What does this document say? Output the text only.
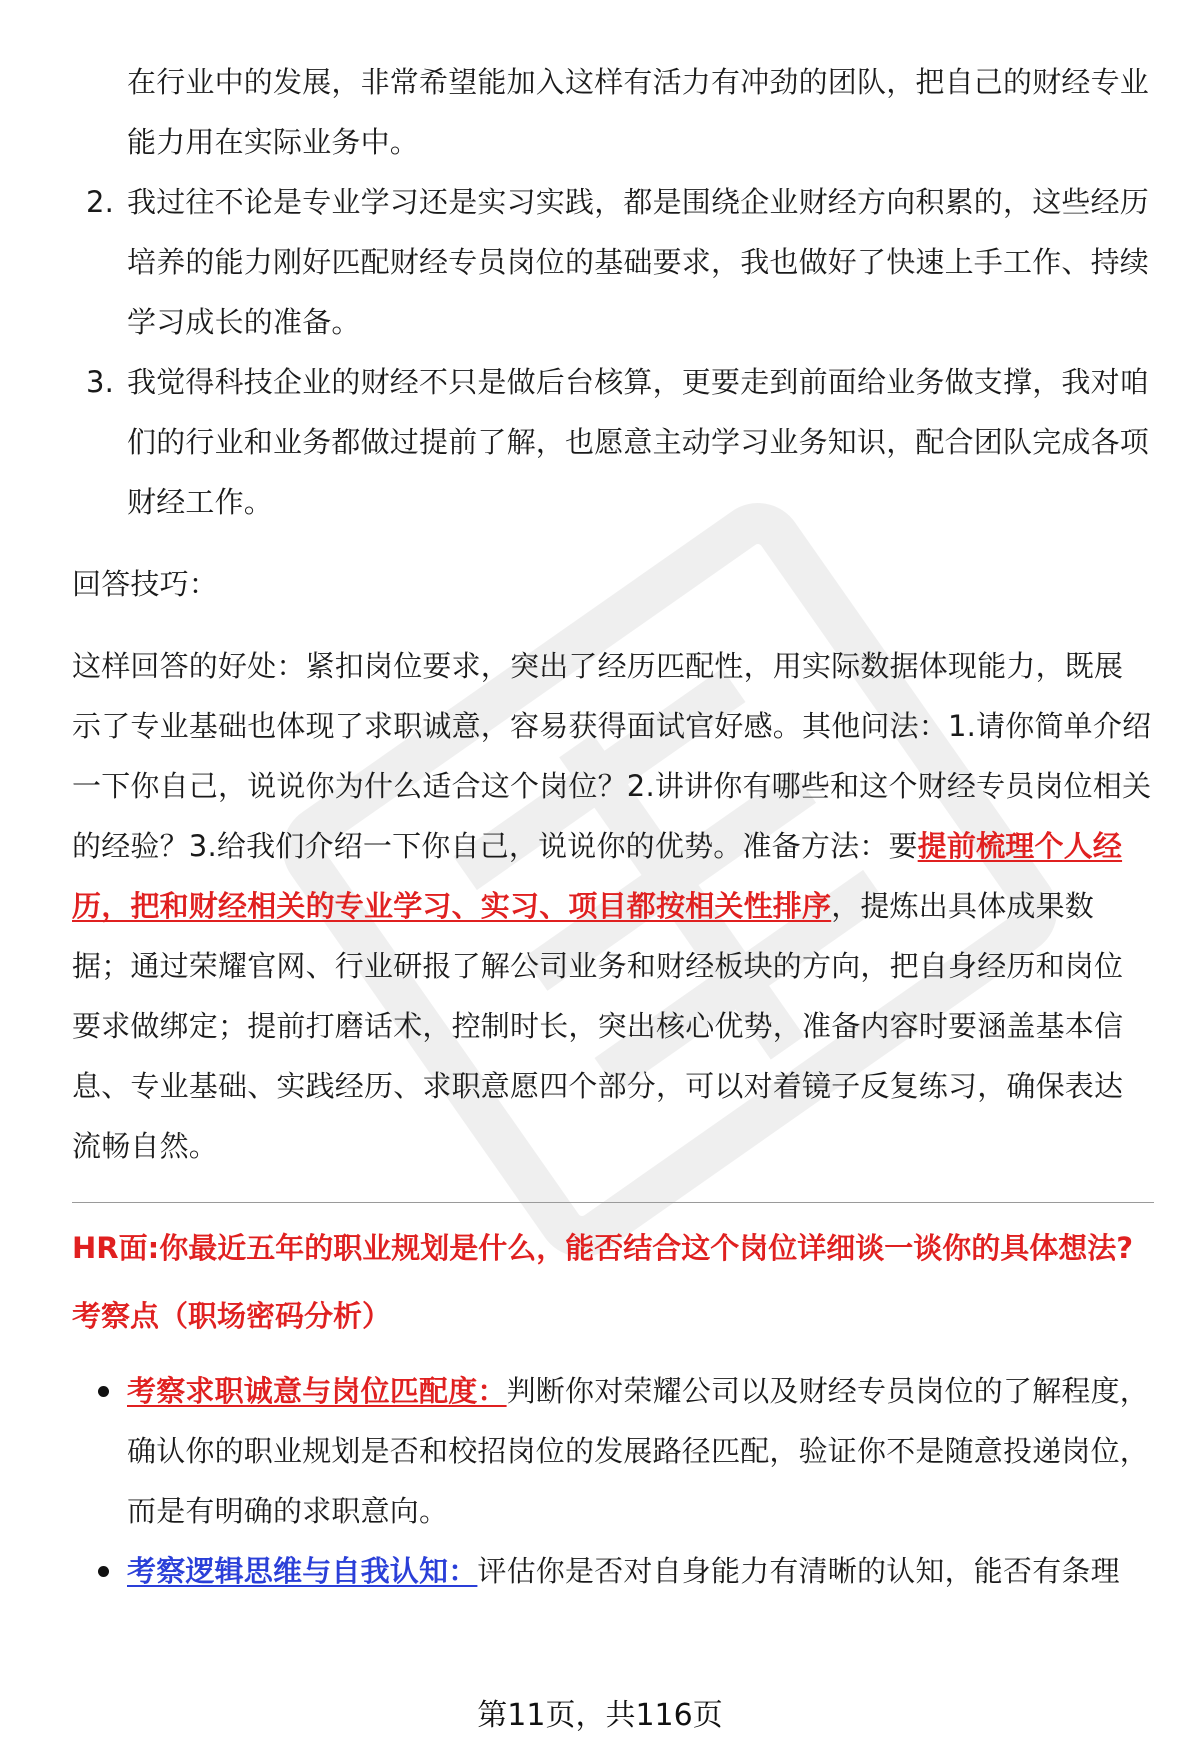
在行业中的发展，非常希望能加入这样有活力有冲劲的团队，把自己的财经专业能力用在实际业务中。
2. 我过往不论是专业学习还是实习实践，都是围绕企业财经方向积累的，这些经历培养的能力刚好匹配财经专员岗位的基础要求，我也做好了快速上手工作、持续学习成长的准备。
3. 我觉得科技企业的财经不只是做后台核算，更要走到前面给业务做支撑，我对咱们的行业和业务都做过提前了解，也愿意主动学习业务知识，配合团队完成各项财经工作。
回答技巧：
这样回答的好处：紧扣岗位要求，突出了经历匹配性，用实际数据体现能力，既展示了专业基础也体现了求职诚意，容易获得面试官好感。其他问法：1.请你简单介绍一下你自己，说说你为什么适合这个岗位？2.讲讲你有哪些和这个财经专员岗位相关的经验？3.给我们介绍一下你自己，说说你的优势。准备方法：要提前梳理个人经历，把和财经相关的专业学习、实习、项目都按相关性排序，提炼出具体成果数据；通过荣耀官网、行业研报了解公司业务和财经板块的方向，把自身经历和岗位要求做绑定；提前打磨话术，控制时长，突出核心优势，准备内容时要涵盖基本信息、专业基础、实践经历、求职意愿四个部分，可以对着镜子反复练习，确保表达流畅自然。
HR面:你最近五年的职业规划是什么，能否结合这个岗位详细谈一谈你的具体想法?
考察点（职场密码分析）
考察求职诚意与岗位匹配度：判断你对荣耀公司以及财经专员岗位的了解程度，确认你的职业规划是否和校招岗位的发展路径匹配，验证你不是随意投递岗位，而是有明确的求职意向。
考察逻辑思维与自我认知：评估你是否对自身能力有清晰的认知，能否有条理
第11页，共116页
